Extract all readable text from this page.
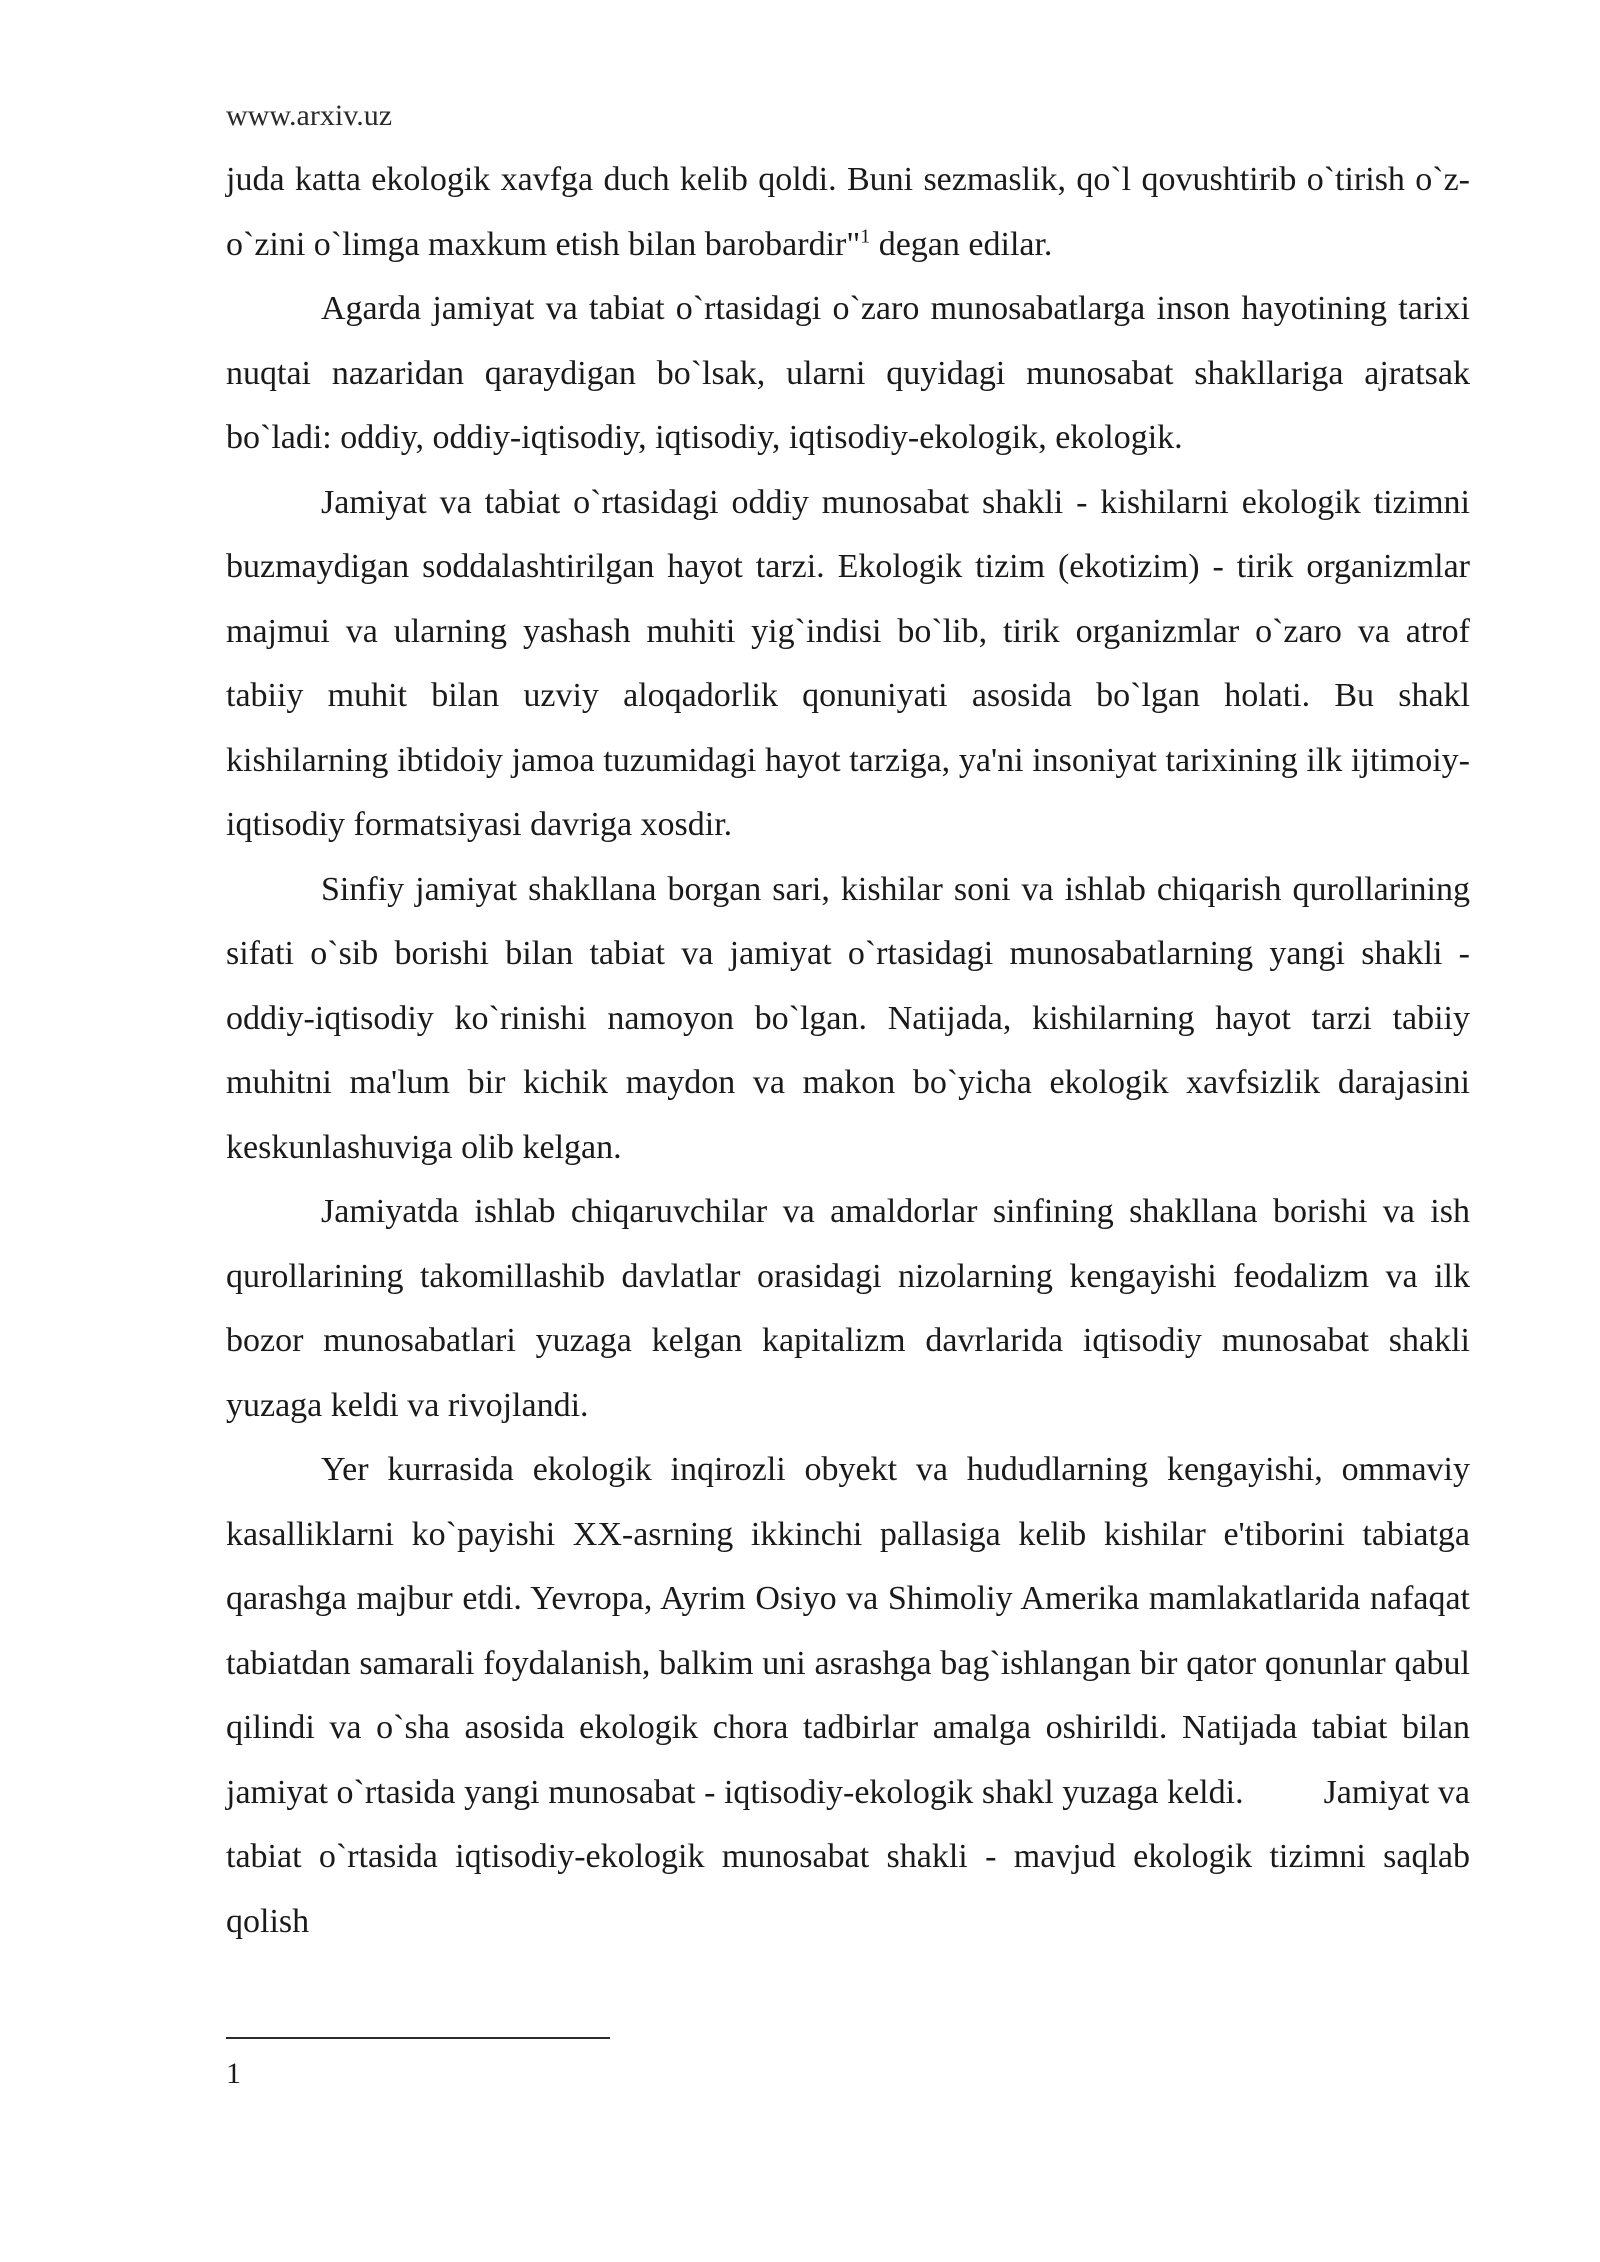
www.arxiv.uz

juda katta ekologik xavfga duch kelib qoldi. Buni sezmaslik, qo`l qovushtirib o`tirish o`z-o`zini o`limga maxkum etish bilan barobardir"$^1$ degan edilar.

Agarda jamiyat va tabiat o`rtasidagi o`zaro munosabatlarga inson hayotining tarixi nuqtai nazaridan qaraydigan bo`lsak, ularni quyidagi munosabat shakllariga ajratsak bo`ladi: oddiy, oddiy-iqtisodiy, iqtisodiy, iqtisodiy-ekologik, ekologik.

Jamiyat va tabiat o`rtasidagi oddiy munosabat shakli - kishilarni ekologik tizimni buzmaydigan soddalashtirilgan hayot tarzi. Ekologik tizim (ekotizim) - tirik organizmlar majmui va ularning yashash muhiti yig`indisi bo`lib, tirik organizmlar o`zaro va atrof tabiiy muhit bilan uzviy aloqadorlik qonuniyati asosida bo`lgan holati. Bu shakl kishilarning ibtidoiy jamoa tuzumidagi hayot tarziga, ya'ni insoniyat tarixining ilk ijtimoiy-iqtisodiy formatsiyasi davriga xosdir.

Sinfiy jamiyat shakllana borgan sari, kishilar soni va ishlab chiqarish qurollarining sifati o`sib borishi bilan tabiat va jamiyat o`rtasidagi munosabatlarning yangi shakli - oddiy-iqtisodiy ko`rinishi namoyon bo`lgan. Natijada, kishilarning hayot tarzi tabiiy muhitni ma'lum bir kichik maydon va makon bo`yicha ekologik xavfsizlik darajasini keskunlashuviga olib kelgan.

Jamiyatda ishlab chiqaruvchilar va amaldorlar sinfining shakllana borishi va ish qurollarining takomillashib davlatlar orasidagi nizolarning kengayishi feodalizm va ilk bozor munosabatlari yuzaga kelgan kapitalizm davrlarida iqtisodiy munosabat shakli yuzaga keldi va rivojlandi.

Yer kurrasida ekologik inqirozli obyekt va hududlarning kengayishi, ommaviy kasalliklarni ko`payishi XX-asrning ikkinchi pallasiga kelib kishilar e'tiborini tabiatga qarashga majbur etdi. Yevropa, Ayrim Osiyo va Shimoliy Amerika mamlakatlarida nafaqat tabiatdan samarali foydalanish, balkim uni asrashga bag`ishlangan bir qator qonunlar qabul qilindi va o`sha asosida ekologik chora tadbirlar amalga oshirildi. Natijada tabiat bilan jamiyat o`rtasida yangi munosabat - iqtisodiy-ekologik shakl yuzaga keldi. Jamiyat va tabiat o`rtasida iqtisodiy-ekologik munosabat shakli - mavjud ekologik tizimni saqlab qolish

1
